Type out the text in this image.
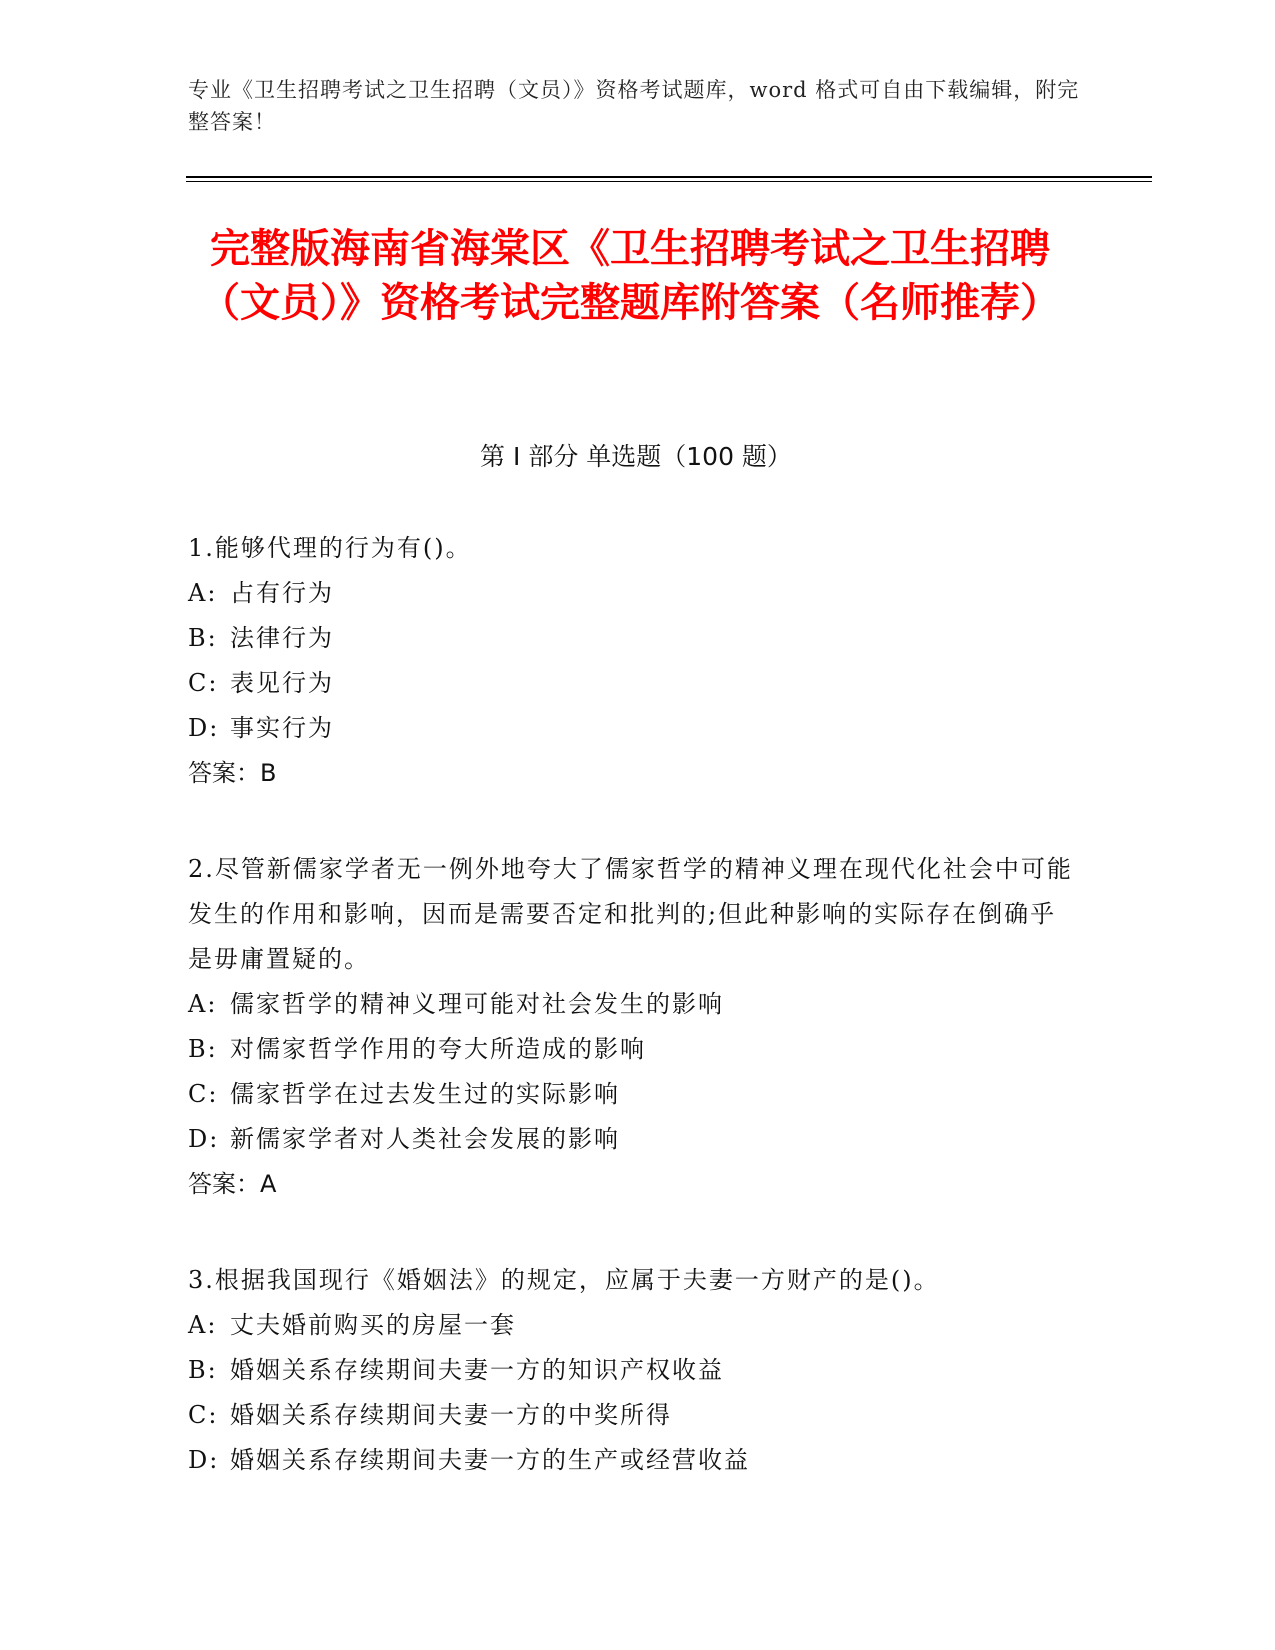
专业《卫生招聘考试之卫生招聘（文员）》资格考试题库，word 格式可自由下载编辑，附完整答案！
完整版海南省海棠区《卫生招聘考试之卫生招聘（文员）》资格考试完整题库附答案（名师推荐）
第 I 部分 单选题（100 题）
1.能够代理的行为有()。
A: 占有行为
B: 法律行为
C: 表见行为
D: 事实行为
答案：B
2.尽管新儒家学者无一例外地夸大了儒家哲学的精神义理在现代化社会中可能发生的作用和影响，因而是需要否定和批判的;但此种影响的实际存在倒确乎是毋庸置疑的。
A: 儒家哲学的精神义理可能对社会发生的影响
B: 对儒家哲学作用的夸大所造成的影响
C: 儒家哲学在过去发生过的实际影响
D: 新儒家学者对人类社会发展的影响
答案：A
3.根据我国现行《婚姻法》的规定，应属于夫妻一方财产的是()。
A: 丈夫婚前购买的房屋一套
B: 婚姻关系存续期间夫妻一方的知识产权收益
C: 婚姻关系存续期间夫妻一方的中奖所得
D: 婚姻关系存续期间夫妻一方的生产或经营收益
